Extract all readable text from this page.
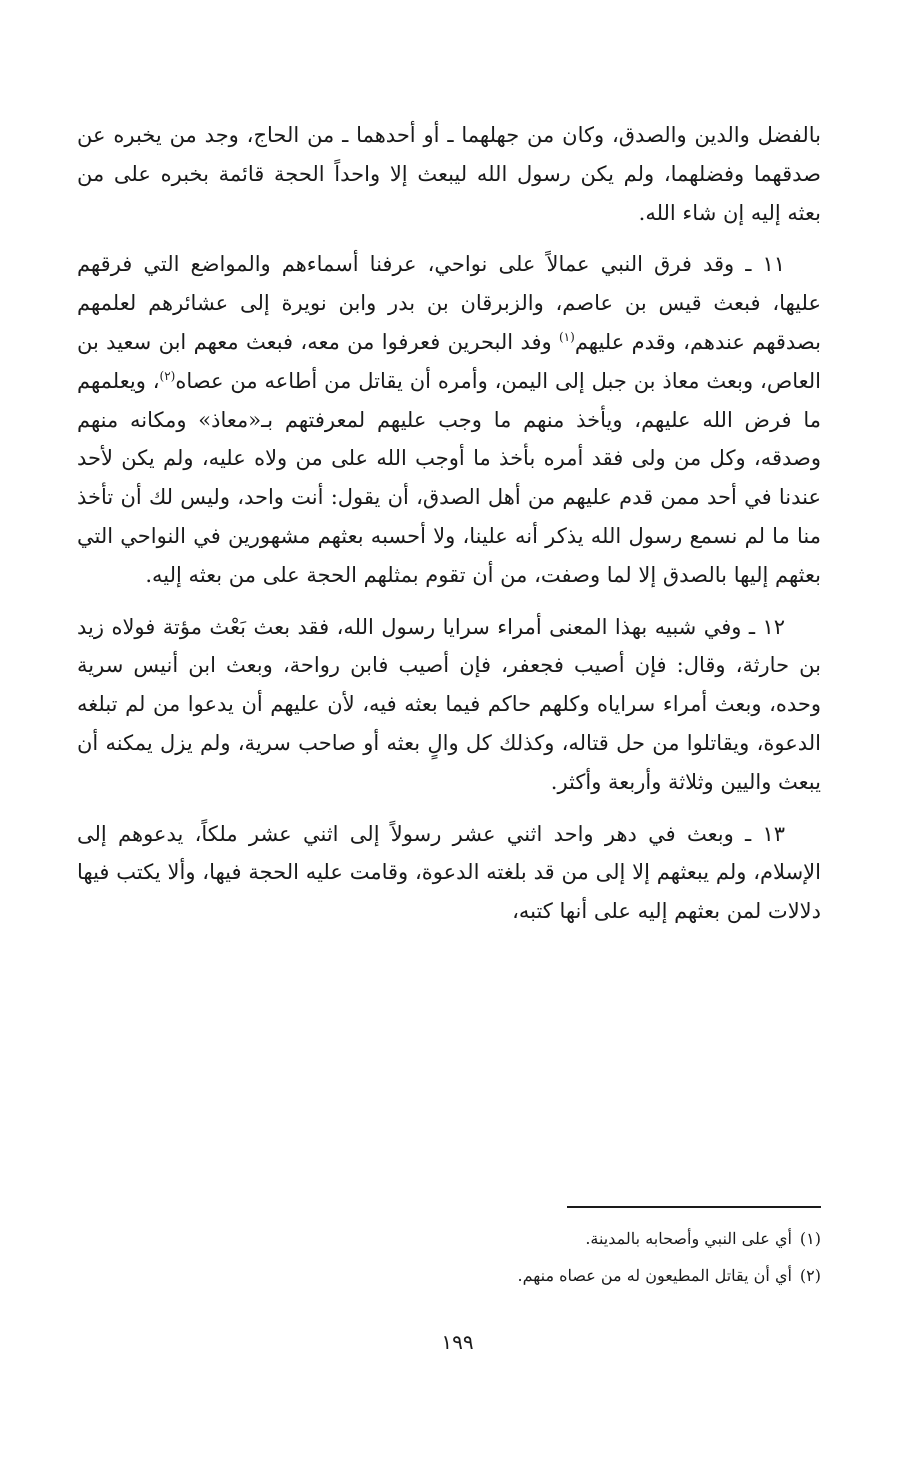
بالفضل والدين والصدق، وكان من جهلهما ـ أو أحدهما ـ من الحاج، وجد من يخبره عن صدقهما وفضلهما، ولم يكن رسول الله ليبعث إلا واحداً الحجة قائمة بخبره على من بعثه إليه إن شاء الله.

١١ ـ وقد فرق النبي عمالاً على نواحي، عرفنا أسماءهم والمواضع التي فرقهم عليها، فبعث قيس بن عاصم، والزبرقان بن بدر وابن نويرة إلى عشائرهم لعلمهم بصدقهم عندهم، وقدم عليهم$^{(١)}$ وفد البحرين فعرفوا من معه، فبعث معهم ابن سعيد بن العاص، وبعث معاذ بن جبل إلى اليمن، وأمره أن يقاتل من أطاعه من عصاه$^{(٢)}$، ويعلمهم ما فرض الله عليهم، ويأخذ منهم ما وجب عليهم لمعرفتهم بـ«معاذ» ومكانه منهم وصدقه، وكل من ولى فقد أمره بأخذ ما أوجب الله على من ولاه عليه، ولم يكن لأحد عندنا في أحد ممن قدم عليهم من أهل الصدق، أن يقول: أنت واحد، وليس لك أن تأخذ منا ما لم نسمع رسول الله يذكر أنه علينا، ولا أحسبه بعثهم مشهورين في النواحي التي بعثهم إليها بالصدق إلا لما وصفت، من أن تقوم بمثلهم الحجة على من بعثه إليه.

١٢ ـ وفي شبيه بهذا المعنى أمراء سرايا رسول الله، فقد بعث بَعْث مؤتة فولاه زيد بن حارثة، وقال: فإن أصيب فجعفر، فإن أصيب فابن رواحة، وبعث ابن أنيس سرية وحده، وبعث أمراء سراياه وكلهم حاكم فيما بعثه فيه، لأن عليهم أن يدعوا من لم تبلغه الدعوة، ويقاتلوا من حل قتاله، وكذلك كل والٍ بعثه أو صاحب سرية، ولم يزل يمكنه أن يبعث واليين وثلاثة وأربعة وأكثر.

١٣ ـ وبعث في دهر واحد اثني عشر رسولاً إلى اثني عشر ملكاً، يدعوهم إلى الإسلام، ولم يبعثهم إلا إلى من قد بلغته الدعوة، وقامت عليه الحجة فيها، وألا يكتب فيها دلالات لمن بعثهم إليه على أنها كتبه،

(١)أي على النبي وأصحابه بالمدينة.

(٢)أي أن يقاتل المطيعون له من عصاه منهم.

١٩٩
